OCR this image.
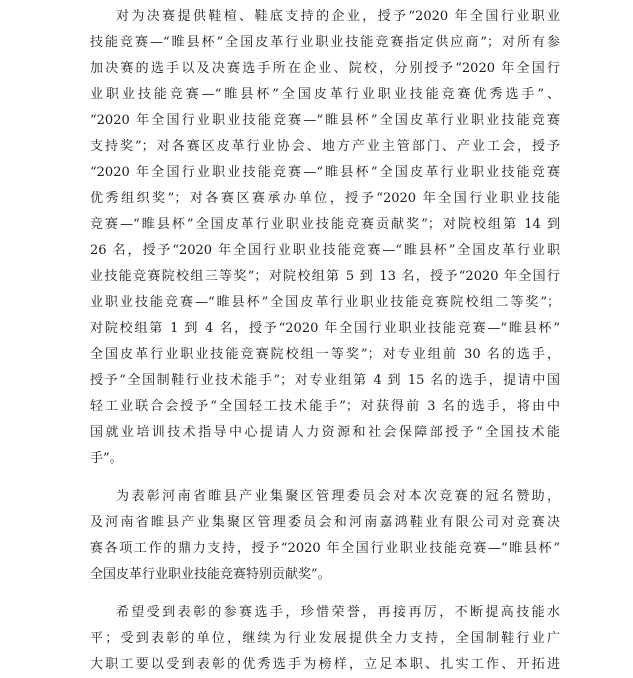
对为决赛提供鞋楦、鞋底支持的企业，授予“2020 年全国行业职业
技能竞赛—“睢县杯”全国皮革行业职业技能竞赛指定供应商”；对所有参
加决赛的选手以及决赛选手所在企业、院校，分别授予“2020 年全国行
业职业技能竞赛—“睢县杯”全国皮革行业职业技能竞赛优秀选手”、
“2020 年全国行业职业技能竞赛—“睢县杯”全国皮革行业职业技能竞赛
支持奖”；对各赛区皮革行业协会、地方产业主管部门、产业工会，授予
“2020 年全国行业职业技能竞赛—“睢县杯”全国皮革行业职业技能竞赛
优秀组织奖”；对各赛区赛承办单位，授予“2020 年全国行业职业技能
竞赛—“睢县杯”全国皮革行业职业技能竞赛贡献奖”；对院校组第 14 到
26 名，授予“2020 年全国行业职业技能竞赛—“睢县杯”全国皮革行业职
业技能竞赛院校组三等奖”；对院校组第 5 到 13 名，授予“2020 年全国行
业职业技能竞赛—“睢县杯”全国皮革行业职业技能竞赛院校组二等奖”；
对院校组第 1 到 4 名，授予“2020 年全国行业职业技能竞赛—“睢县杯”
全国皮革行业职业技能竞赛院校组一等奖”；对专业组前 30 名的选手，
授予“全国制鞋行业技术能手”；对专业组第 4 到 15 名的选手，提请中国
轻工业联合会授予“全国轻工技术能手”；对获得前 3 名的选手，将由中
国就业培训技术指导中心提请人力资源和社会保障部授予“全国技术能
手”。
为表彰河南省睢县产业集聚区管理委员会对本次竞赛的冠名赞助，
及河南省睢县产业集聚区管理委员会和河南嘉鸿鞋业有限公司对竞赛决
赛各项工作的鼎力支持，授予“2020 年全国行业职业技能竞赛—“睢县杯”
全国皮革行业职业技能竞赛特别贡献奖”。
希望受到表彰的参赛选手，珍惜荣誉，再接再厉，不断提高技能水
平；受到表彰的单位，继续为行业发展提供全力支持，全国制鞋行业广
大职工要以受到表彰的优秀选手为榜样，立足本职、扎实工作、开拓进
